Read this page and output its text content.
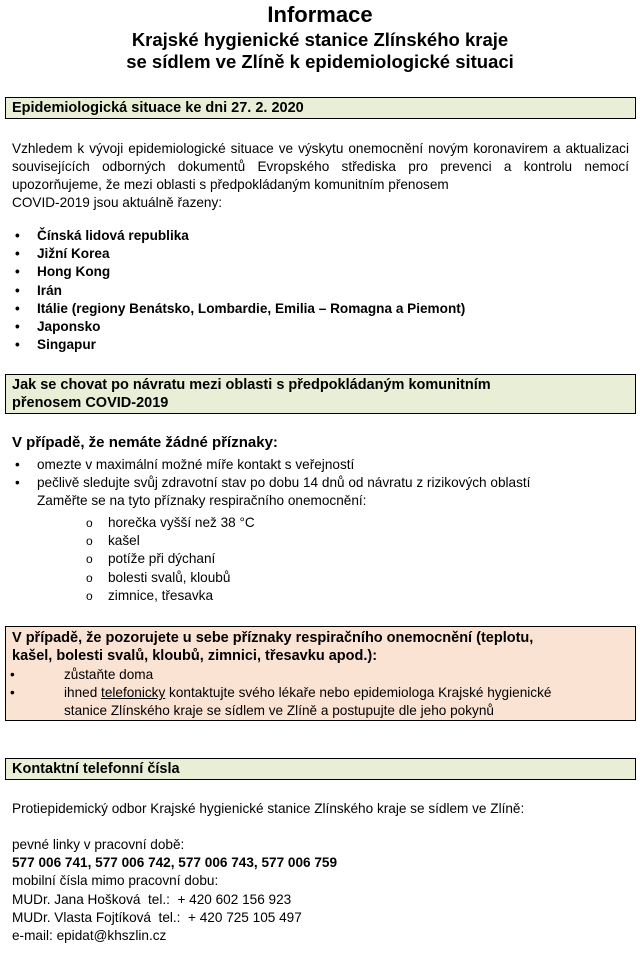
Informace
Krajské hygienické stanice Zlínského kraje
se sídlem ve Zlíně k epidemiologické situaci
Epidemiologická situace ke dni 27. 2. 2020
Vzhledem k vývoji epidemiologické situace ve výskytu onemocnění novým koronavirem a aktualizaci souvisejících odborných dokumentů Evropského střediska pro prevenci a kontrolu nemocí upozorňujeme, že mezi oblasti s předpokládaným komunitním přenosem
COVID-2019 jsou aktuálně řazeny:
• Čínská lidová republika
• Jižní Korea
• Hong Kong
• Irán
• Itálie (regiony Benátsko, Lombardie, Emilia – Romagna a Piemont)
• Japonsko
• Singapur
Jak se chovat po návratu mezi oblasti s předpokládaným komunitním
přenosem COVID-2019
V případě, že nemáte žádné příznaky:
• omezte v maximální možné míře kontakt s veřejností
• pečlivě sledujte svůj zdravotní stav po dobu 14 dnů od návratu z rizikových oblastí
Zaměřte se na tyto příznaky respiračního onemocnění:
o horečka vyšší než 38 °C
o kašel
o potíže při dýchaní
o bolesti svalů, kloubů
o zimnice, třesavka
V případě, že pozorujete u sebe příznaky respiračního onemocnění (teplotu,
kašel, bolesti svalů, kloubů, zimnici, třesavku apod.):
•	zůstaňte doma
•	ihned telefonicky kontaktujte svého lékaře nebo epidemiologa Krajské hygienické
stanice Zlínského kraje se sídlem ve Zlíně a postupujte dle jeho pokynů
Kontaktní telefonní čísla
Protiepidemický odbor Krajské hygienické stanice Zlínského kraje se sídlem ve Zlíně:
pevné linky v pracovní době:
577 006 741, 577 006 742, 577 006 743, 577 006 759
mobilní čísla mimo pracovní dobu:
MUDr. Jana Hošková  tel.:  + 420 602 156 923
MUDr. Vlasta Fojtíková  tel.:  + 420 725 105 497
e-mail: epidat@khszlin.cz
